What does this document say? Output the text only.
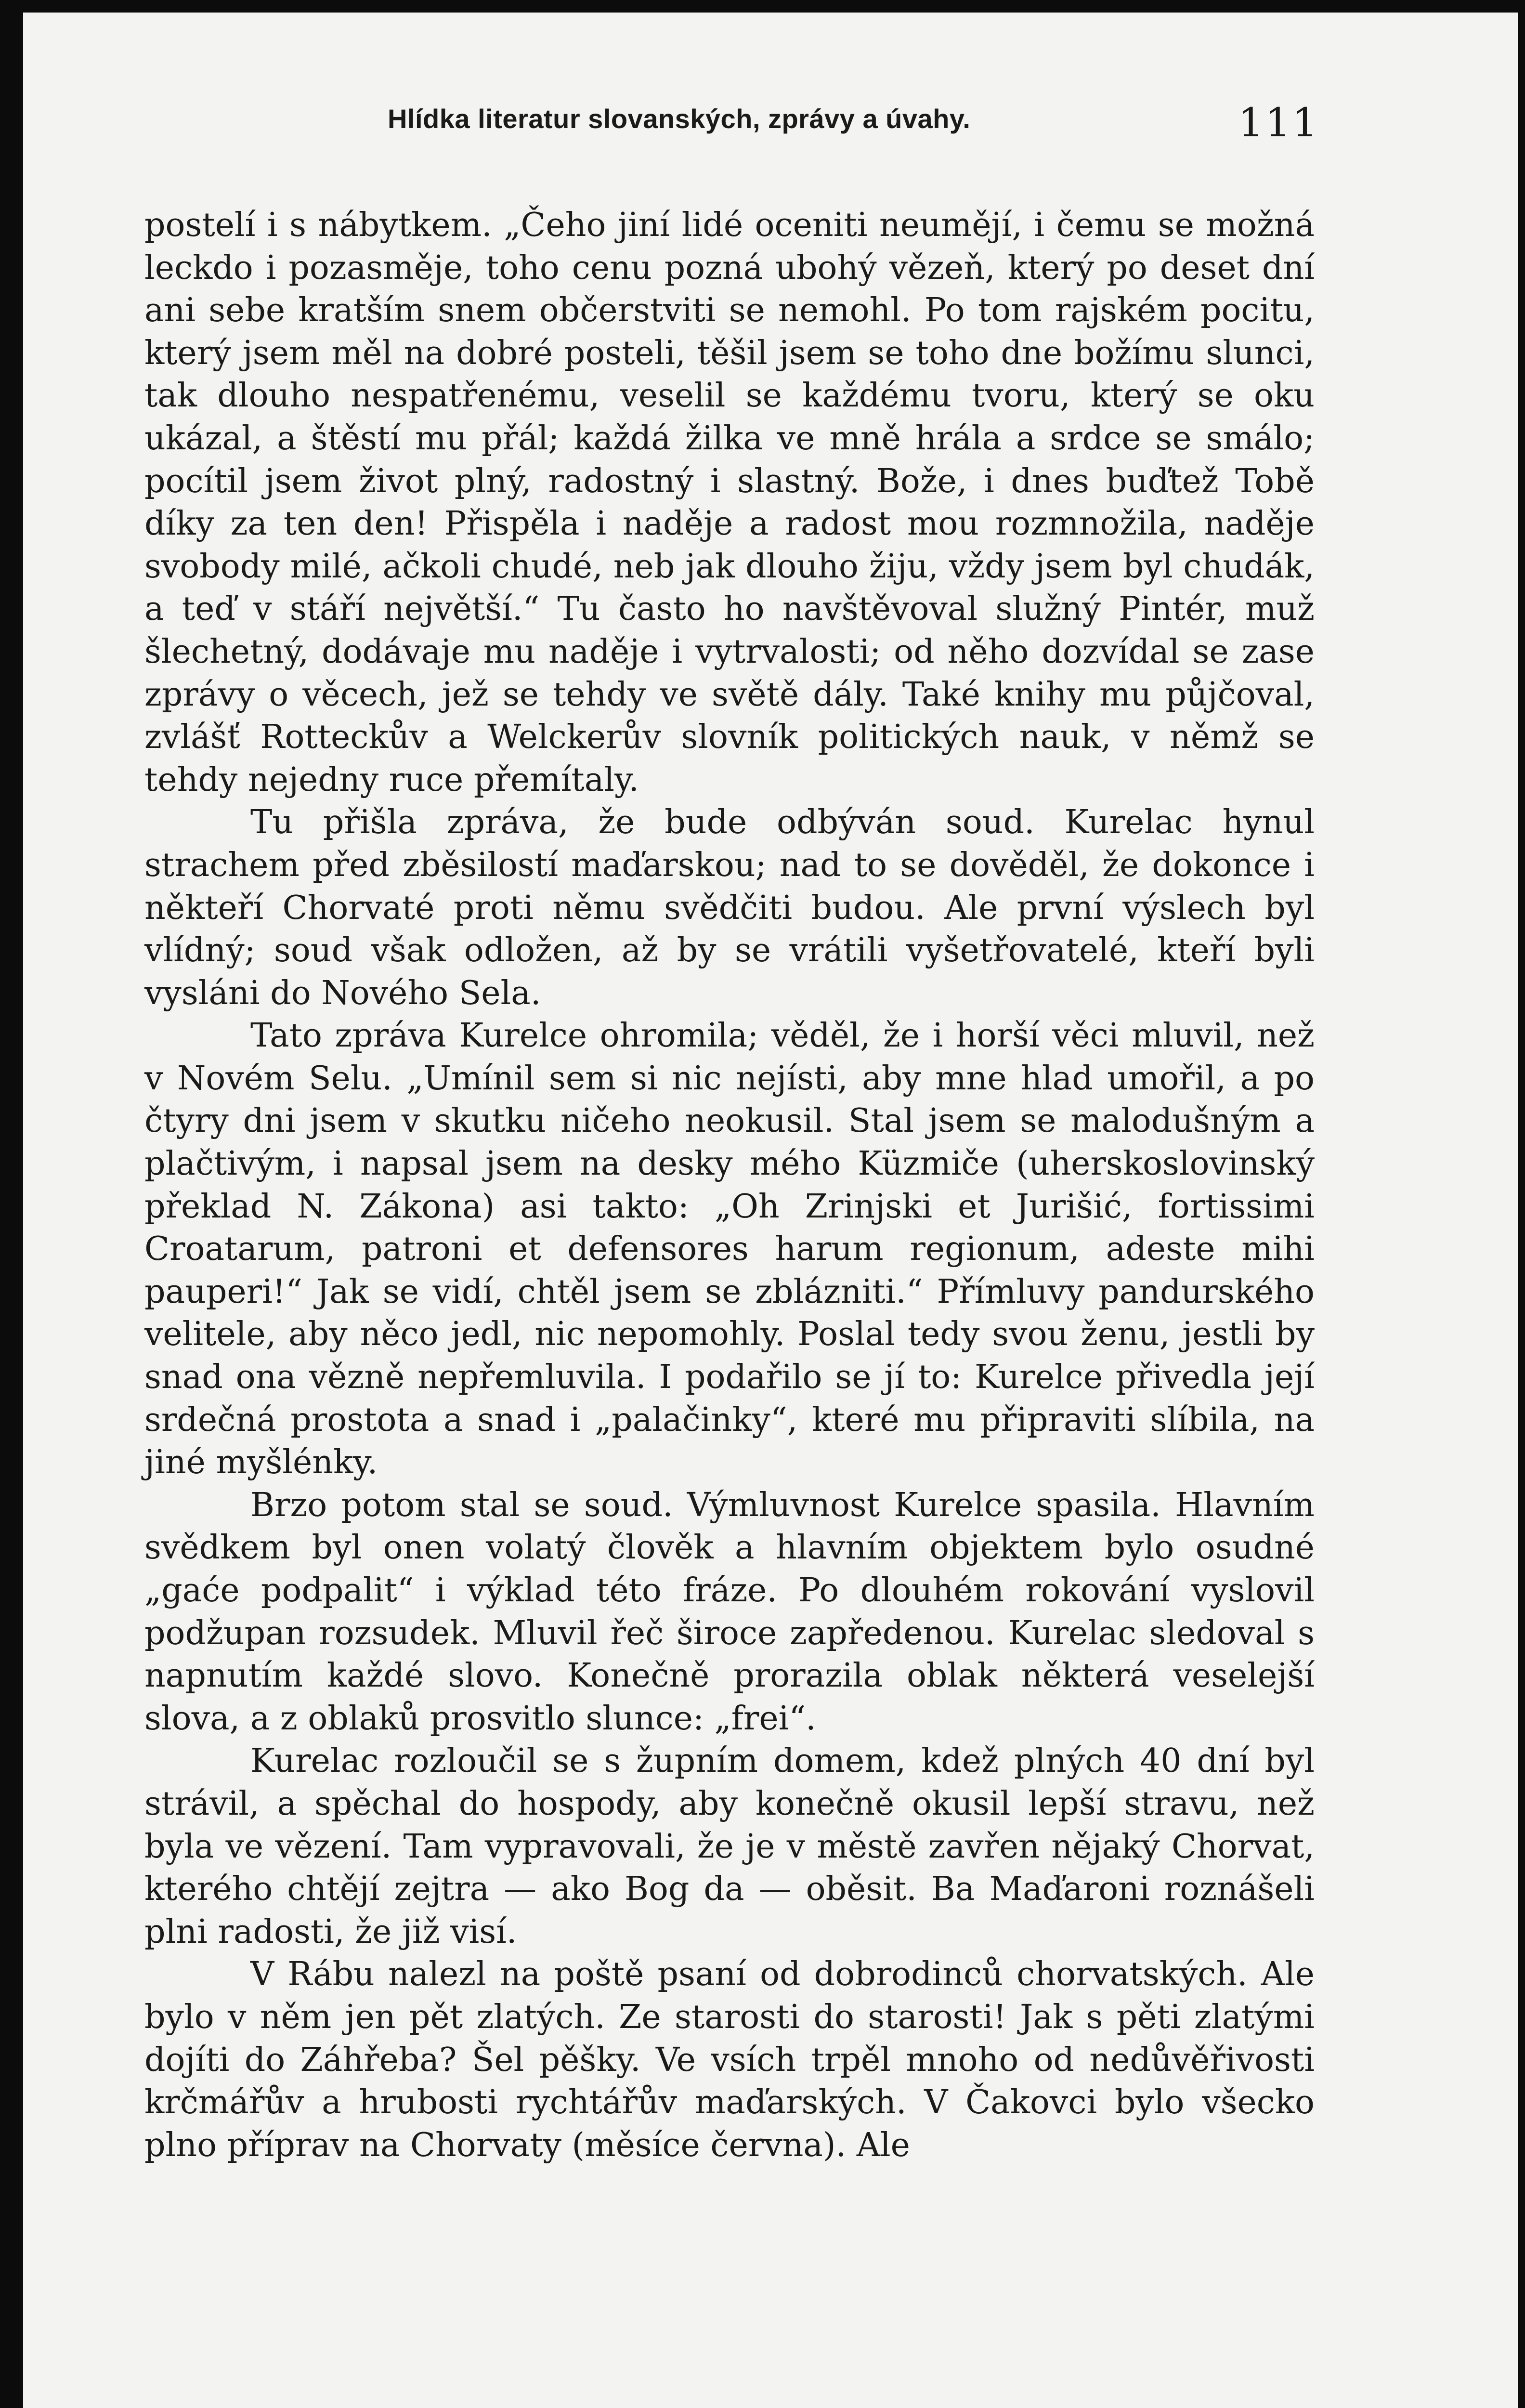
Hlídka literatur slovanských, zprávy a úvahy.	111

postelí i s nábytkem. „Čeho jiní lidé oceniti neumějí, i čemu se možná leckdo i pozasměje, toho cenu pozná ubohý vězeň, který po deset dní ani sebe kratším snem občerstviti se nemohl. Po tom rajském pocitu, který jsem měl na dobré posteli, těšil jsem se toho dne božímu slunci, tak dlouho nespatřenému, veselil se každému tvoru, který se oku ukázal, a štěstí mu přál; každá žilka ve mně hrála a srdce se smálo; pocítil jsem život plný, radostný i slastný. Bože, i dnes buďtež Tobě díky za ten den! Přispěla i naděje a radost mou rozmnožila, naděje svobody milé, ačkoli chudé, neb jak dlouho žiju, vždy jsem byl chudák, a teď v stáří největší.“ Tu často ho navštěvoval služný Pintér, muž šlechetný, dodávaje mu naděje i vytrvalosti; od něho dozvídal se zase zprávy o věcech, jež se tehdy ve světě dály. Také knihy mu půjčoval, zvlášť Rotteckův a Welckerův slovník politických nauk, v němž se tehdy nejedny ruce přemítaly.

Tu přišla zpráva, že bude odbýván soud. Kurelac hynul strachem před zběsilostí maďarskou; nad to se dověděl, že dokonce i někteří Chorvaté proti němu svědčiti budou. Ale první výslech byl vlídný; soud však odložen, až by se vrátili vyšetřovatelé, kteří byli vysláni do Nového Sela.

Tato zpráva Kurelce ohromila; věděl, že i horší věci mluvil, než v Novém Selu. „Umínil sem si nic nejísti, aby mne hlad umořil, a po čtyry dni jsem v skutku ničeho neokusil. Stal jsem se malodušným a plačtivým, i napsal jsem na desky mého Küzmiče (uherskoslovinský překlad N. Zákona) asi takto: „Oh Zrinjski et Jurišić, fortissimi Croatarum, patroni et defensores harum regionum, adeste mihi pauperi!“ Jak se vidí, chtěl jsem se zblázniti.“ Přímluvy pandurského velitele, aby něco jedl, nic nepomohly. Poslal tedy svou ženu, jestli by snad ona vězně nepřemluvila. I podařilo se jí to: Kurelce přivedla její srdečná prostota a snad i „palačinky“, které mu připraviti slíbila, na jiné myšlénky.

Brzo potom stal se soud. Výmluvnost Kurelce spasila. Hlavním svědkem byl onen volatý člověk a hlavním objektem bylo osudné „gaće podpalit“ i výklad této fráze. Po dlouhém rokování vyslovil podžupan rozsudek. Mluvil řeč široce zapředenou. Kurelac sledoval s napnutím každé slovo. Konečně prorazila oblak některá veselejší slova, a z oblaků prosvitlo slunce: „frei“.

Kurelac rozloučil se s župním domem, kdež plných 40 dní byl strávil, a spěchal do hospody, aby konečně okusil lepší stravu, než byla ve vězení. Tam vypravovali, že je v městě zavřen nějaký Chorvat, kterého chtějí zejtra — ako Bog da — oběsit. Ba Maďaroni roznášeli plni radosti, že již visí.

V Rábu nalezl na poště psaní od dobrodinců chorvatských. Ale bylo v něm jen pět zlatých. Ze starosti do starosti! Jak s pěti zlatými dojíti do Záhřeba? Šel pěšky. Ve vsích trpěl mnoho od nedůvěřivosti krčmářův a hrubosti rychtářův maďarských. V Čakovci bylo všecko plno příprav na Chorvaty (měsíce června). Ale
